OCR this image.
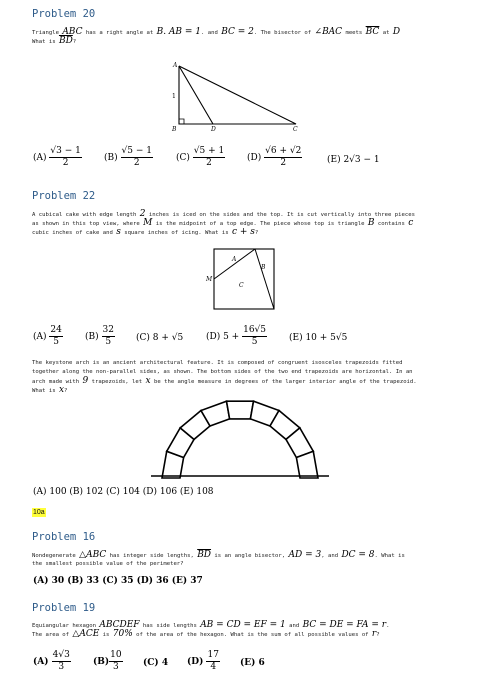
Problem 20
Triangle ABC has a right angle at B. AB = 1. and BC = 2. The bisector of ∠BAC meets $\overline{BC}$ at D
What is $\overline{BD}$?
A
B	D	C
1
$(A) \frac{√3 - 1}{2} (B) \frac{√5 - 1}{2}$	$(C) \frac{√5 + 1}{2} (D) \frac{√6 + √2}{2}$	(E) 2√3 − 1
Problem 22
A cubical cake with edge length 2 inches is iced on the sides and the top. It is cut vertically into three pieces
as shown in this top view, where M is the midpoint of a top edge. The piece whose top is triangle B contains c
cubic inches of cake and s square inches of icing. What is c + s?
A
B
C
M
$(A) \frac{24}{5} (B) \frac{32}{5} (C) 8 + √5$	(D) $5 + \frac{16√5}{5} (E) 10 + 5√5$
The keystone arch is an ancient architectural feature. It is composed of congruent isosceles trapezoids fitted
together along the non-parallel sides, as shown. The bottom sides of the two end trapezoids are horizontal. In an
arch made with 9 trapezoids, let x be the angle measure in degrees of the larger interior angle of the trapezoid.
What is x?
(A) 100 (B) 102 (C) 104 (D) 106 (E) 108
10a
Problem 16
Nondegenerate △ABC has integer side lengths, $\overline{BD}$ is an angle bisector, AD = 3, and DC = 8. What is
the smallest possible value of the perimeter?
(A) 30 (B) 33 (C) 35 (D) 36 (E) 37
Problem 19
Equiangular hexagon ABCDEF has side lengths AB = CD = EF = 1 and BC = DE = FA = r.
The area of △ACE is 70% of the area of the hexagon. What is the sum of all possible values of r?
$(A) \frac{4√3}{3} (B) \frac{10}{3} (C)$ 4 $(D) \frac{17}{4} (E)$ 6
